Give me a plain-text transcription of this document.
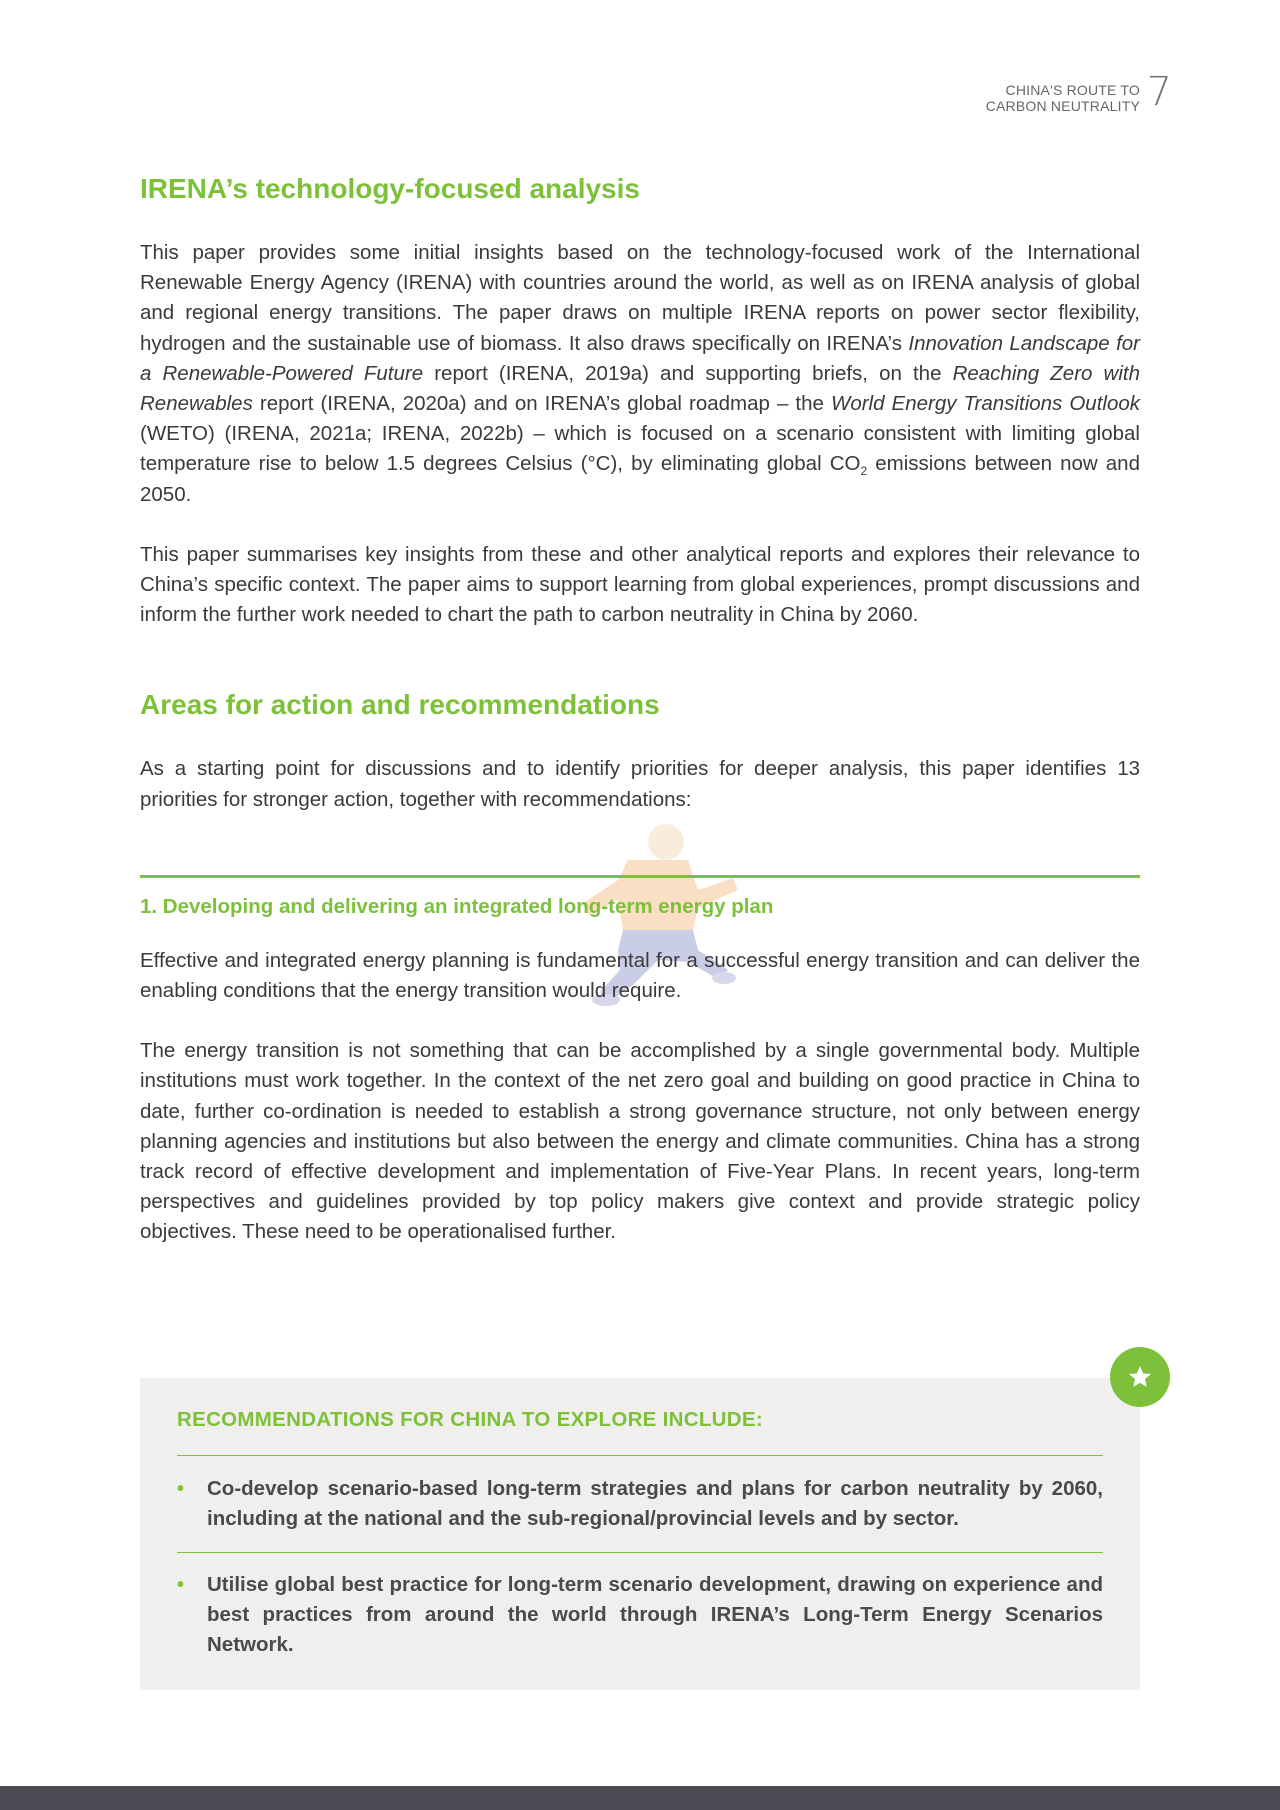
CHINA'S ROUTE TO
CARBON NEUTRALITY 7
IRENA’s technology-focused analysis

This paper provides some initial insights based on the technology-focused work of the International Renewable Energy Agency (IRENA) with countries around the world, as well as on IRENA analysis of global and regional energy transitions. The paper draws on multiple IRENA reports on power sector flexibility, hydrogen and the sustainable use of biomass. It also draws specifically on IRENA’s Innovation Landscape for a Renewable-Powered Future report (IRENA, 2019a) and supporting briefs, on the Reaching Zero with Renewables report (IRENA, 2020a) and on IRENA’s global roadmap – the World Energy Transitions Outlook (WETO) (IRENA, 2021a; IRENA, 2022b) – which is focused on a scenario consistent with limiting global temperature rise to below 1.5 degrees Celsius (°C), by eliminating global $CO_2$ emissions between now and 2050.

This paper summarises key insights from these and other analytical reports and explores their relevance to China’s specific context. The paper aims to support learning from global experiences, prompt discussions and inform the further work needed to chart the path to carbon neutrality in China by 2060.

Areas for action and recommendations

As a starting point for discussions and to identify priorities for deeper analysis, this paper identifies 13 priorities for stronger action, together with recommendations:

1. Developing and delivering an integrated long-term energy plan

Effective and integrated energy planning is fundamental for a successful energy transition and can deliver the enabling conditions that the energy transition would require.

The energy transition is not something that can be accomplished by a single governmental body. Multiple institutions must work together. In the context of the net zero goal and building on good practice in China to date, further co-ordination is needed to establish a strong governance structure, not only between energy planning agencies and institutions but also between the energy and climate communities. China has a strong track record of effective development and implementation of Five-Year Plans. In recent years, long-term perspectives and guidelines provided by top policy makers give context and provide strategic policy objectives. These need to be operationalised further.

RECOMMENDATIONS FOR CHINA TO EXPLORE INCLUDE:
• Co-develop scenario-based long-term strategies and plans for carbon neutrality by 2060, including at the national and the sub-regional/provincial levels and by sector.
• Utilise global best practice for long-term scenario development, drawing on experience and best practices from around the world through IRENA’s Long-Term Energy Scenarios Network.
